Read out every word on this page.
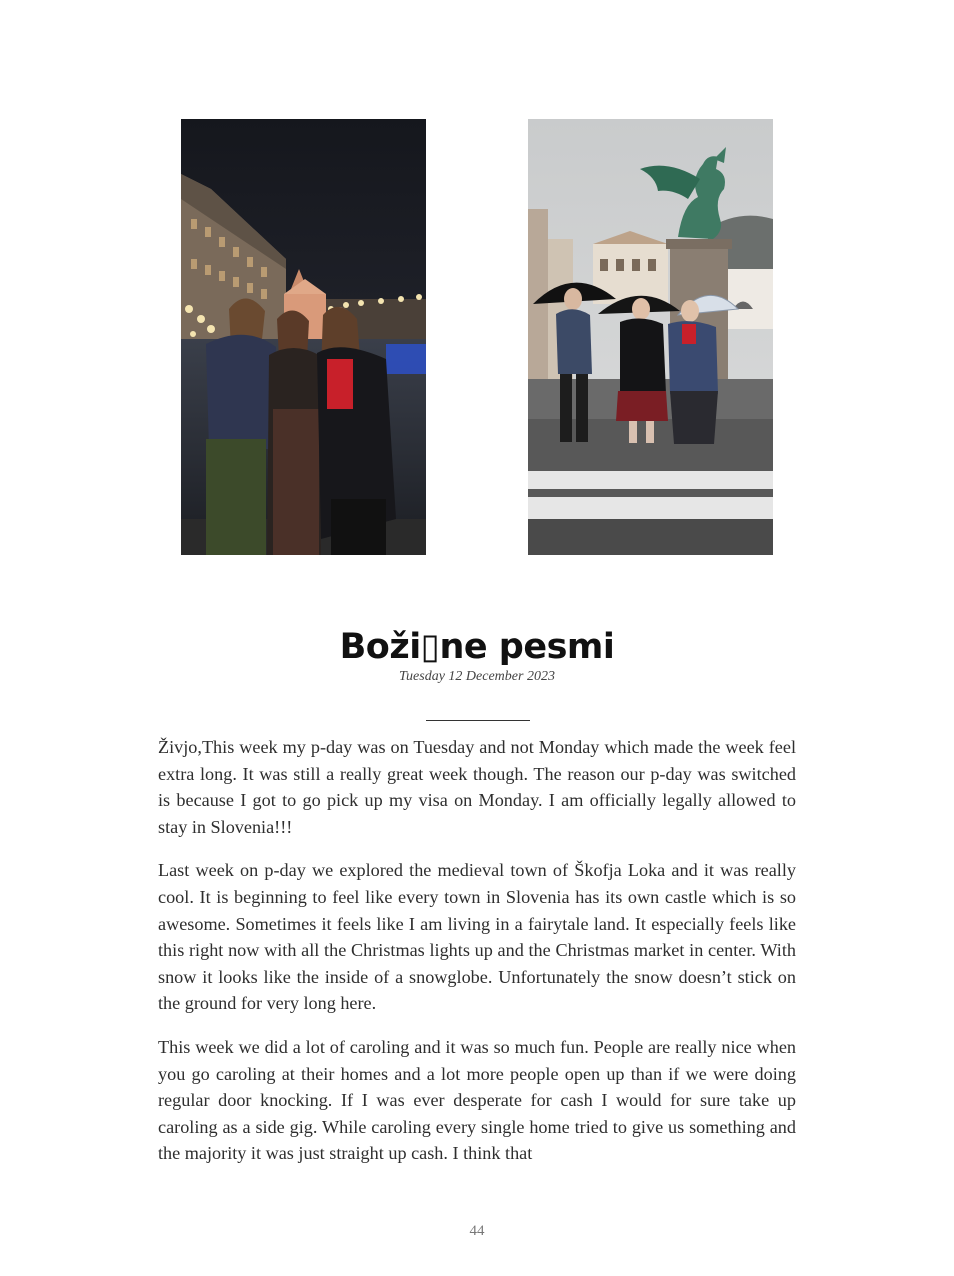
Boži▯ne pesmi
Tuesday 12 December 2023

Živjo,This week my p-day was on Tuesday and not Monday which made the week feel extra long. It was still a really great week though. The reason our p-day was switched is because I got to go pick up my visa on Monday. I am officially legally allowed to stay in Slovenia!!!

Last week on p-day we explored the medieval town of Škofja Loka and it was really cool. It is beginning to feel like every town in Slovenia has its own castle which is so awesome. Sometimes it feels like I am living in a fairytale land. It especially feels like this right now with all the Christmas lights up and the Christmas market in center. With snow it looks like the inside of a snowglobe. Unfortunately the snow doesn’t stick on the ground for very long here.

This week we did a lot of caroling and it was so much fun. People are really nice when you go caroling at their homes and a lot more people open up than if we were doing regular door knocking. If I was ever desperate for cash I would for sure take up caroling as a side gig. While caroling every single home tried to give us something and the majority it was just straight up cash. I think that

44
